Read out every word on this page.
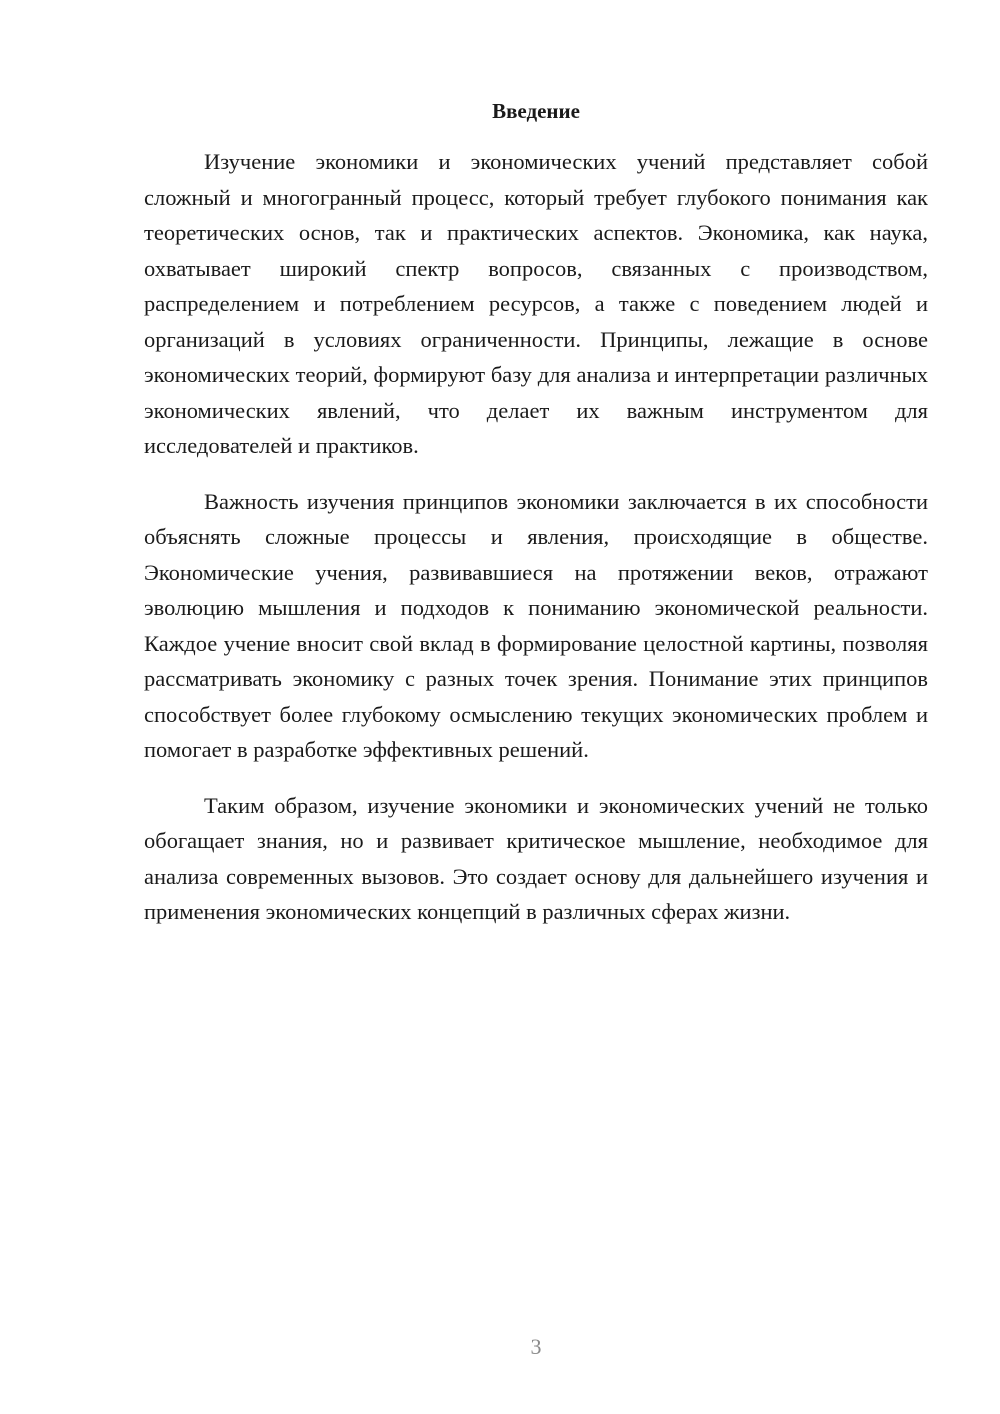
Введение

Изучение экономики и экономических учений представляет собой сложный и многогранный процесс, который требует глубокого понимания как теоретических основ, так и практических аспектов. Экономика, как наука, охватывает широкий спектр вопросов, связанных с производством, распределением и потреблением ресурсов, а также с поведением людей и организаций в условиях ограниченности. Принципы, лежащие в основе экономических теорий, формируют базу для анализа и интерпретации различных экономических явлений, что делает их важным инструментом для исследователей и практиков.

Важность изучения принципов экономики заключается в их способности объяснять сложные процессы и явления, происходящие в обществе. Экономические учения, развивавшиеся на протяжении веков, отражают эволюцию мышления и подходов к пониманию экономической реальности. Каждое учение вносит свой вклад в формирование целостной картины, позволяя рассматривать экономику с разных точек зрения. Понимание этих принципов способствует более глубокому осмыслению текущих экономических проблем и помогает в разработке эффективных решений.

Таким образом, изучение экономики и экономических учений не только обогащает знания, но и развивает критическое мышление, необходимое для анализа современных вызовов. Это создает основу для дальнейшего изучения и применения экономических концепций в различных сферах жизни.

3
